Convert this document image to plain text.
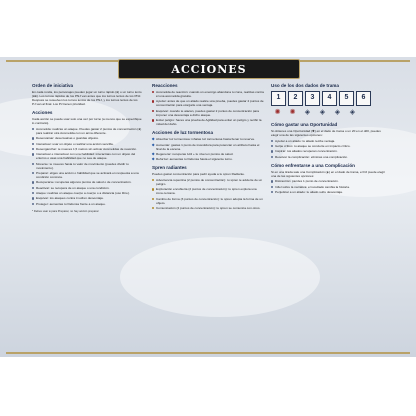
ACCIONES
Orden de iniciativa
En cada ronda, los personajes pueden jugar un turno rápido (●) o un turno lento (●●). Los turnos rápidos de los PNJ van antes que los turnos lentos de los PNJ. Después se resuelven los turnos lentos de los PNJ, y los turnos lentos de los PJ van al final. Los PJ tienen prioridad.
Acciones
Cada acción se puede usar solo una vez por turno (a menos que se especifique lo contrario).
Acometida: realizas un ataque. Puedes gastar 2 puntos de concentración (●) para realizar otra Acometida con un arma diferente.
Desenvainar: desenvainas o guardas objetos.
Interactuar: usar un objeto o realizar una acción sencilla.
Desenganchar: te mueves 1,5 metros sin activar Acometidas de reacción.
Interactuar e interactuar con una habilidad: interactúas con un objeto del entorno o usas una habilidad que no sea de ataque.
Moverse: te mueves hasta tu valor de movimiento (puedes dividir tu movimiento).
Preparar: eliges una acción o habilidad que se activará en respuesta a una condición concreta.
Recuperarse: recuperas algunos puntos de salud o de concentración.
Reactivar: se recupera de un ataque o una condición.
Ataque: realizas un ataque cuerpo a cuerpo o a distancia (uso libre).
Esquivar: los ataques contra ti sufren desventaja.
Proteger: aumentas tu Defensa frente a un ataque.
* Debes usar ● para Preparar, no hay acción preparar
Reacciones
Acometida de reacción: cuando un enemigo abandona tu zona, realizas contra él una acometida gratuita.
Ayudar: antes de que un aliado realice una prueba, puedes gastar 2 puntos de concentración para otorgarle una ventaja.
Esquivar: cuando te atacan, puedes gastar 2 puntos de concentración para imponer una desventaja a dicho ataque.
Evitar peligro: haces una prueba de Agilidad para evitar un peligro y recibir la mitad del daño.
Acciones de luz tormentosa
Absorber luz tormentosa: inhalas luz tormentosa hasta llenar tu reserva.
Aumentar: gastas 1 punto de investidura para potenciar un atributo hasta el final de la escena.
Regenerar: recuperas 1d4 + tu nivel en puntos de salud.
Reforzar: aumentas tu Defensa hasta el siguiente turno.
Spren radiantes
Puedes gastar concentración para pedir ayuda a tu spren Radiante.
Advertencia repentina (2 puntos de concentración): tu spren te advierte de un peligro.
Exploración encubierta (2 puntos de concentración): tu spren explora una zona cercana.
Cambio de forma (3 puntos de concentración): tu spren adopta la forma de un objeto.
Comunicación (2 puntos de concentración): tu spren se comunica con otros.
Uso de los dos dados de trama
1	2	3	4	5	6
✺	✺	◈	◈	◈	◈
Cómo gastar una Oportunidad
Si obtienes una Oportunidad (✺) en el dado de trama o un 20 en el d20, puedes elegir una de las siguientes opciones:
Ayudar a un aliado: tu aliado recibe ventaja.
Golpe crítico: tu ataque se convierte en impacto crítico.
Inspirar: tus aliados recuperan concentración.
Resolver la complicación: eliminas una complicación.
Cómo enfrentarse a una Complicación
Si en una tirada sale una Complicación (◈) en el dado de trama, el DJ puede elegir una de las siguientes opciones:
Distracción: pierdes 1 punto de concentración.
Infiel sobre la narrativa: el resultado cambia la historia.
Perjudicar a un aliado: tu aliado sufre desventaja.
